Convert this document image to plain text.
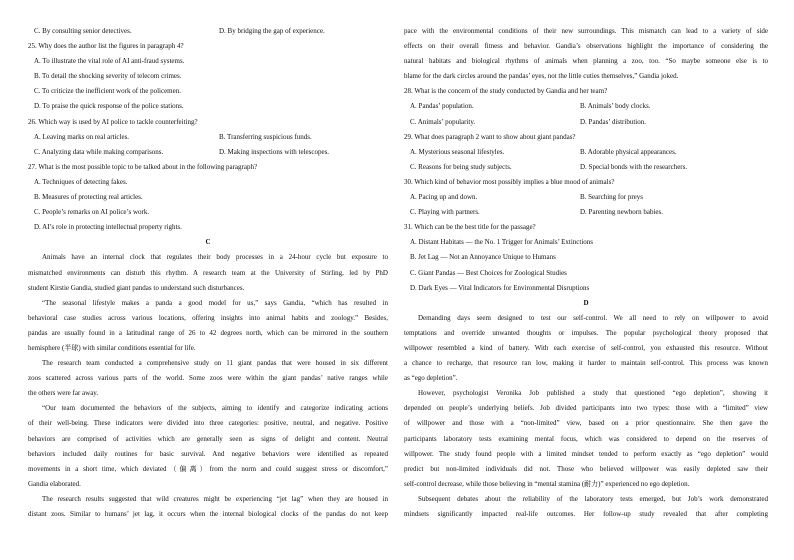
C. By consulting senior detectives.	D. By bridging the gap of experience.
25. Why does the author list the figures in paragraph 4?
A. To illustrate the vital role of AI anti-fraud systems.
B. To detail the shocking severity of telecom crimes.
C. To criticize the inefficient work of the policemen.
D. To praise the quick response of the police stations.
26. Which way is used by AI police to tackle counterfeiting?
A. Leaving marks on real articles.	B. Transferring suspicious funds.
C. Analyzing data while making comparisons.	D. Making inspections with telescopes.
27. What is the most possible topic to be talked about in the following paragraph?
A. Techniques of detecting fakes.
B. Measures of protecting real articles.
C. People’s remarks on AI police’s work.
D. AI’s role in protecting intellectual property rights.
C
Animals have an internal clock that regulates their body processes in a 24-hour cycle but exposure to
mismatched environments can disturb this rhythm. A research team at the University of Stirling, led by PhD
student Kirstie Gandia, studied giant pandas to understand such disturbances.
“The seasonal lifestyle makes a panda a good model for us,” says Gandia, “which has resulted in
behavioral case studies across various locations, offering insights into animal habits and zoology.” Besides,
pandas are usually found in a latitudinal range of 26 to 42 degrees north, which can be mirrored in the southern
hemisphere (半球) with similar conditions essential for life.
The research team conducted a comprehensive study on 11 giant pandas that were housed in six different
zoos scattered across various parts of the world. Some zoos were within the giant pandas’ native ranges while
the others were far away.
“Our team documented the behaviors of the subjects, aiming to identify and categorize indicating actions
of their well-being. These indicators were divided into three categories: positive, neutral, and negative. Positive
behaviors are comprised of activities which are generally seen as signs of delight and content. Neutral
behaviors included daily routines for basic survival. And negative behaviors were identified as repeated
movements in a short time, which deviated（偏离）from the norm and could suggest stress or discomfort,”
Gandia elaborated.
The research results suggested that wild creatures might be experiencing “jet lag” when they are housed in
distant zoos. Similar to humans’ jet lag, it occurs when the internal biological clocks of the pandas do not keep
pace with the environmental conditions of their new surroundings. This mismatch can lead to a variety of side
effects on their overall fitness and behavior. Gandia’s observations highlight the importance of considering the
natural habitats and biological rhythms of animals when planning a zoo, too. “So maybe someone else is to
blame for the dark circles around the pandas’ eyes, not the little cuties themselves,” Gandia joked.
28. What is the concern of the study conducted by Gandia and her team?
A. Pandas’ population.	B. Animals’ body clocks.
C. Animals’ popularity.	D. Pandas’ distribution.
29. What does paragraph 2 want to show about giant pandas?
A. Mysterious seasonal lifestyles.	B. Adorable physical appearances.
C. Reasons for being study subjects.	D. Special bonds with the researchers.
30. Which kind of behavior most possibly implies a blue mood of animals?
A. Pacing up and down.	B. Searching for preys
C. Playing with partners.	D. Parenting newborn babies.
31. Which can be the best title for the passage?
A. Distant Habitats — the No. 1 Trigger for Animals’ Extinctions
B. Jet Lag — Not an Annoyance Unique to Humans
C. Giant Pandas — Best Choices for Zoological Studies
D. Dark Eyes — Vital Indicators for Environmental Disruptions
D
Demanding days seem designed to test our self-control. We all need to rely on willpower to avoid
temptations and override unwanted thoughts or impulses. The popular psychological theory proposed that
willpower resembled a kind of battery. With each exercise of self-control, you exhausted this resource. Without
a chance to recharge, that resource ran low, making it harder to maintain self-control. This process was known
as “ego depletion”.
However, psychologist Veronika Job published a study that questioned “ego depletion”, showing it
depended on people’s underlying beliefs. Job divided participants into two types: those with a “limited” view
of willpower and those with a “non-limited” view, based on a prior questionnaire. She then gave the
participants laboratory tests examining mental focus, which was considered to depend on the reserves of
willpower. The study found people with a limited mindset tended to perform exactly as “ego depletion” would
predict but non-limited individuals did not. Those who believed willpower was easily depleted saw their
self-control decrease, while those believing in “mental stamina (耐力)” experienced no ego depletion.
Subsequent debates about the reliability of the laboratory tests emerged, but Job’s work demonstrated
mindsets significantly impacted real-life outcomes. Her follow-up study revealed that after completing
